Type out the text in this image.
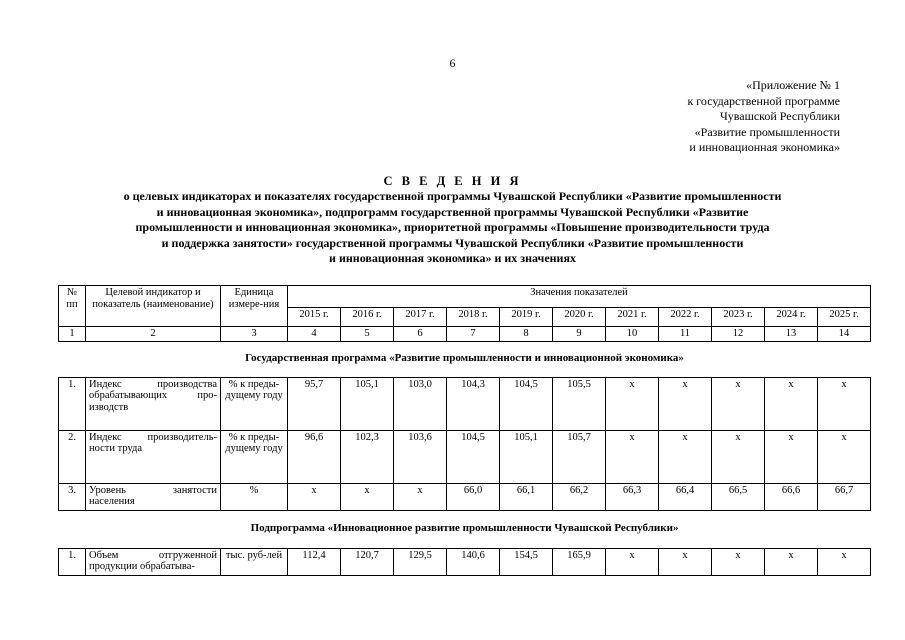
6
«Приложение № 1
к государственной программе
Чувашской Республики
«Развитие промышленности
и инновационная экономика»
С В Е Д Е Н И Я
о целевых индикаторах и показателях государственной программы Чувашской Республики «Развитие промышленности
и инновационная экономика», подпрограмм государственной программы Чувашской Республики «Развитие
промышленности и инновационная экономика», приоритетной программы «Повышение производительности труда
и поддержка занятости» государственной программы Чувашской Республики «Развитие промышленности
и инновационная экономика» и их значениях
№ пп	Целевой индикатор и показатель (наименование)	Единица измере-ния	Значения показателей										
			2015 г.	2016 г.	2017 г.	2018 г.	2019 г.	2020 г.	2021 г.	2022 г.	2023 г.	2024 г.	2025 г.
1	2	3	4	5	6	7	8	9	10	11	12	13	14
Государственная программа «Развитие промышленности и инновационной экономика»													
1.	Индекс производства обрабатывающих про-изводств	% к преды-дущему году	95,7	105,1	103,0	104,3	104,5	105,5	х	х	х	х	х
2.	Индекс производитель-ности труда	% к преды-дущему году	96,6	102,3	103,6	104,5	105,1	105,7	х	х	х	х	х
3.	Уровень занятости населения	%	х	х	х	66,0	66,1	66,2	66,3	66,4	66,5	66,6	66,7
Подпрограмма «Инновационное развитие промышленности Чувашской Республики»													
1.	Объем отгруженной продукции обрабатыва-	тыс. руб-лей	112,4	120,7	129,5	140,6	154,5	165,9	х	х	х	х	х
